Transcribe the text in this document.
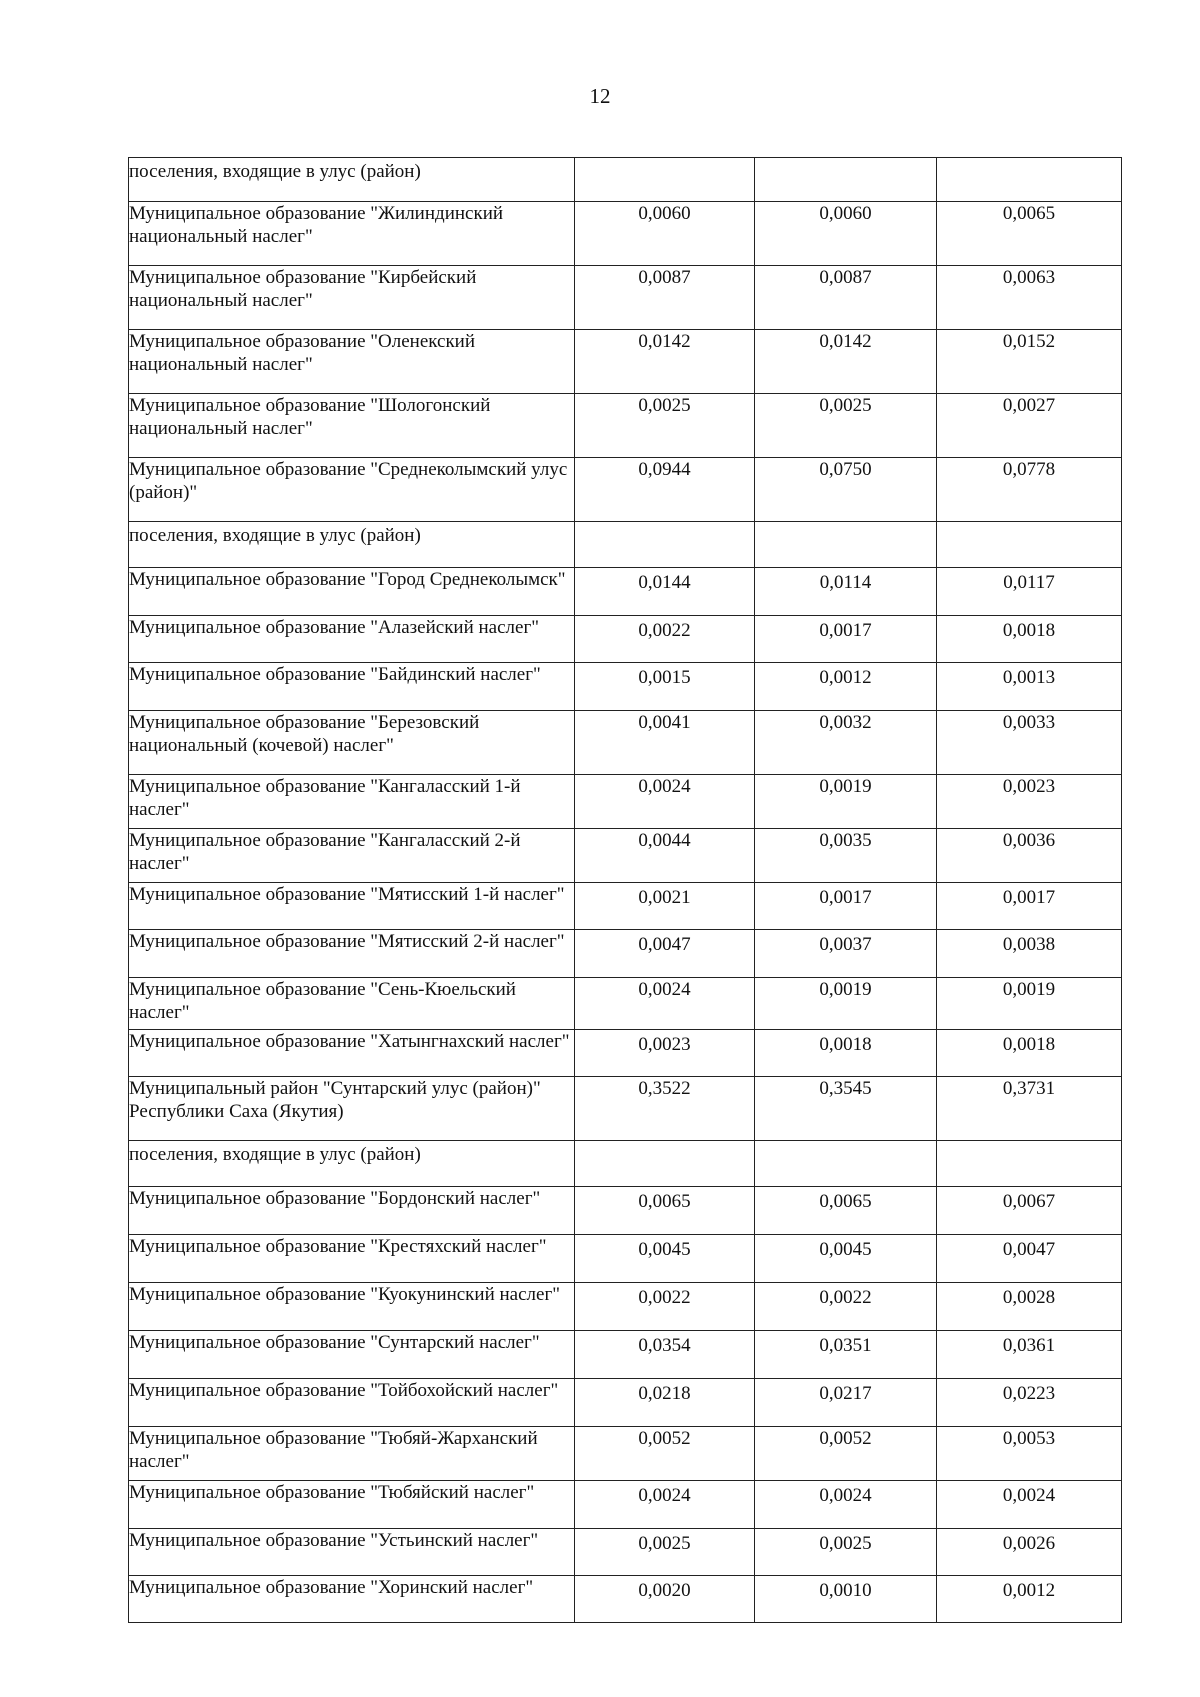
12
поселения, входящие в улус (район)			
Муниципальное образование "Жилиндинский национальный наслег"	0,0060	0,0060	0,0065
Муниципальное образование "Кирбейский национальный наслег"	0,0087	0,0087	0,0063
Муниципальное образование "Оленекский национальный наслег"	0,0142	0,0142	0,0152
Муниципальное образование "Шологонский национальный наслег"	0,0025	0,0025	0,0027
Муниципальное образование "Среднеколымский улус (район)"	0,0944	0,0750	0,0778
поселения, входящие в улус (район)			
Муниципальное образование "Город Среднеколымск"	0,0144	0,0114	0,0117
Муниципальное образование "Алазейский наслег"	0,0022	0,0017	0,0018
Муниципальное образование "Байдинский наслег"	0,0015	0,0012	0,0013
Муниципальное образование "Березовский национальный (кочевой) наслег"	0,0041	0,0032	0,0033
Муниципальное образование "Кангаласский 1-й наслег"	0,0024	0,0019	0,0023
Муниципальное образование "Кангаласский 2-й наслег"	0,0044	0,0035	0,0036
Муниципальное образование "Мятисский 1-й наслег"	0,0021	0,0017	0,0017
Муниципальное образование "Мятисский 2-й наслег"	0,0047	0,0037	0,0038
Муниципальное образование "Сень-Кюельский наслег"	0,0024	0,0019	0,0019
Муниципальное образование "Хатынгнахский наслег"	0,0023	0,0018	0,0018
Муниципальный район "Сунтарский улус (район)" Республики Саха (Якутия)	0,3522	0,3545	0,3731
поселения, входящие в улус (район)			
Муниципальное образование "Бордонский наслег"	0,0065	0,0065	0,0067
Муниципальное образование "Крестяхский наслег"	0,0045	0,0045	0,0047
Муниципальное образование "Куокунинский наслег"	0,0022	0,0022	0,0028
Муниципальное образование "Сунтарский наслег"	0,0354	0,0351	0,0361
Муниципальное образование "Тойбохойский наслег"	0,0218	0,0217	0,0223
Муниципальное образование "Тюбяй-Жарханский наслег"	0,0052	0,0052	0,0053
Муниципальное образование "Тюбяйский наслег"	0,0024	0,0024	0,0024
Муниципальное образование "Устьинский наслег"	0,0025	0,0025	0,0026
Муниципальное образование "Хоринский наслег"	0,0020	0,0010	0,0012
